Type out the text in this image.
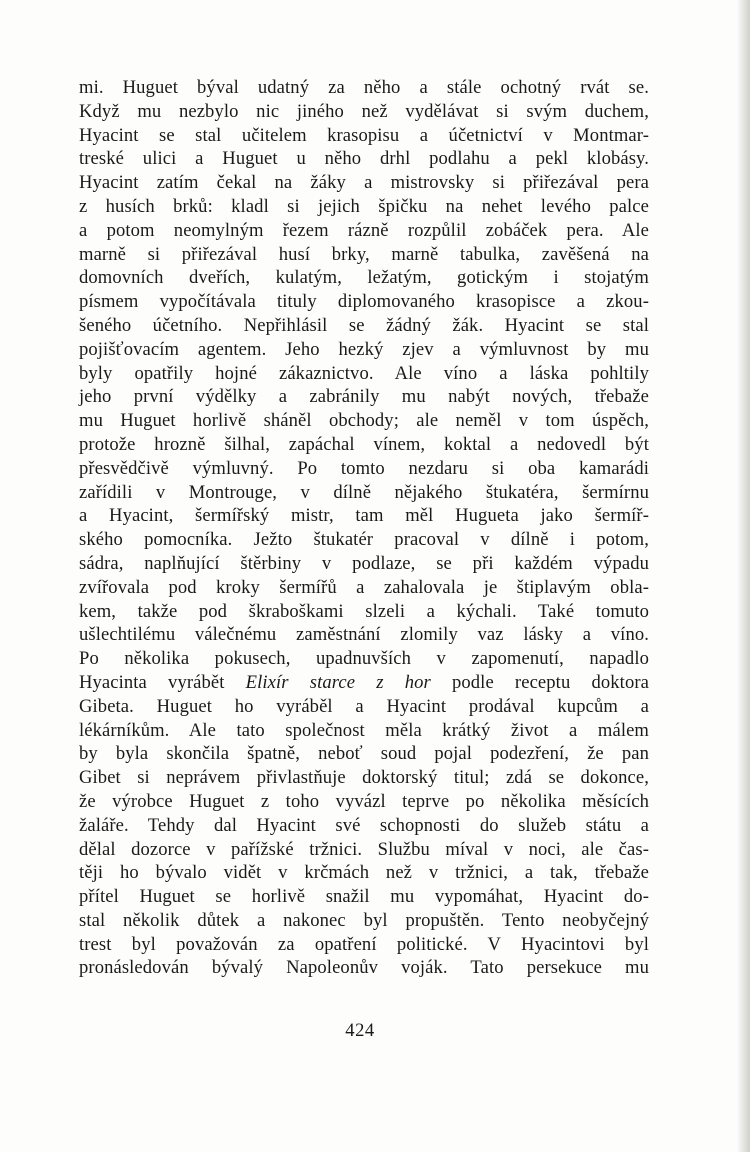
mi. Huguet býval udatný za něho a stále ochotný rvát se.
Když mu nezbylo nic jiného než vydělávat si svým duchem,
Hyacint se stal učitelem krasopisu a účetnictví v Montmar-
treské ulici a Huguet u něho drhl podlahu a pekl klobásy.
Hyacint zatím čekal na žáky a mistrovsky si přiřezával pera
z husích brků: kladl si jejich špičku na nehet levého palce
a potom neomylným řezem rázně rozpůlil zobáček pera. Ale
marně si přiřezával husí brky, marně tabulka, zavěšená na
domovních dveřích, kulatým, ležatým, gotickým i stojatým
písmem vypočítávala tituly diplomovaného krasopisce a zkou-
šeného účetního. Nepřihlásil se žádný žák. Hyacint se stal
pojišťovacím agentem. Jeho hezký zjev a výmluvnost by mu
byly opatřily hojné zákaznictvo. Ale víno a láska pohltily
jeho první výdělky a zabránily mu nabýt nových, třebaže
mu Huguet horlivě sháněl obchody; ale neměl v tom úspěch,
protože hrozně šilhal, zapáchal vínem, koktal a nedovedl být
přesvědčivě výmluvný. Po tomto nezdaru si oba kamarádi
zařídili v Montrouge, v dílně nějakého štukatéra, šermírnu
a Hyacint, šermířský mistr, tam měl Hugueta jako šermíř-
ského pomocníka. Ježto štukatér pracoval v dílně i potom,
sádra, naplňující štěrbiny v podlaze, se při každém výpadu
zvířovala pod kroky šermířů a zahalovala je štiplavým obla-
kem, takže pod škraboškami slzeli a kýchali. Také tomuto
ušlechtilému válečnému zaměstnání zlomily vaz lásky a víno.
Po několika pokusech, upadnuvších v zapomenutí, napadlo
Hyacinta vyrábět Elixír starce z hor podle receptu doktora
Gibeta. Huguet ho vyráběl a Hyacint prodával kupcům a
lékárníkům. Ale tato společnost měla krátký život a málem
by byla skončila špatně, neboť soud pojal podezření, že pan
Gibet si neprávem přivlastňuje doktorský titul; zdá se dokonce,
že výrobce Huguet z toho vyvázl teprve po několika měsících
žaláře. Tehdy dal Hyacint své schopnosti do služeb státu a
dělal dozorce v pařížské tržnici. Službu míval v noci, ale čas-
těji ho bývalo vidět v krčmách než v tržnici, a tak, třebaže
přítel Huguet se horlivě snažil mu vypomáhat, Hyacint do-
stal několik důtek a nakonec byl propuštěn. Tento neobyčejný
trest byl považován za opatření politické. V Hyacintovi byl
pronásledován bývalý Napoleonův voják. Tato persekuce mu
424
